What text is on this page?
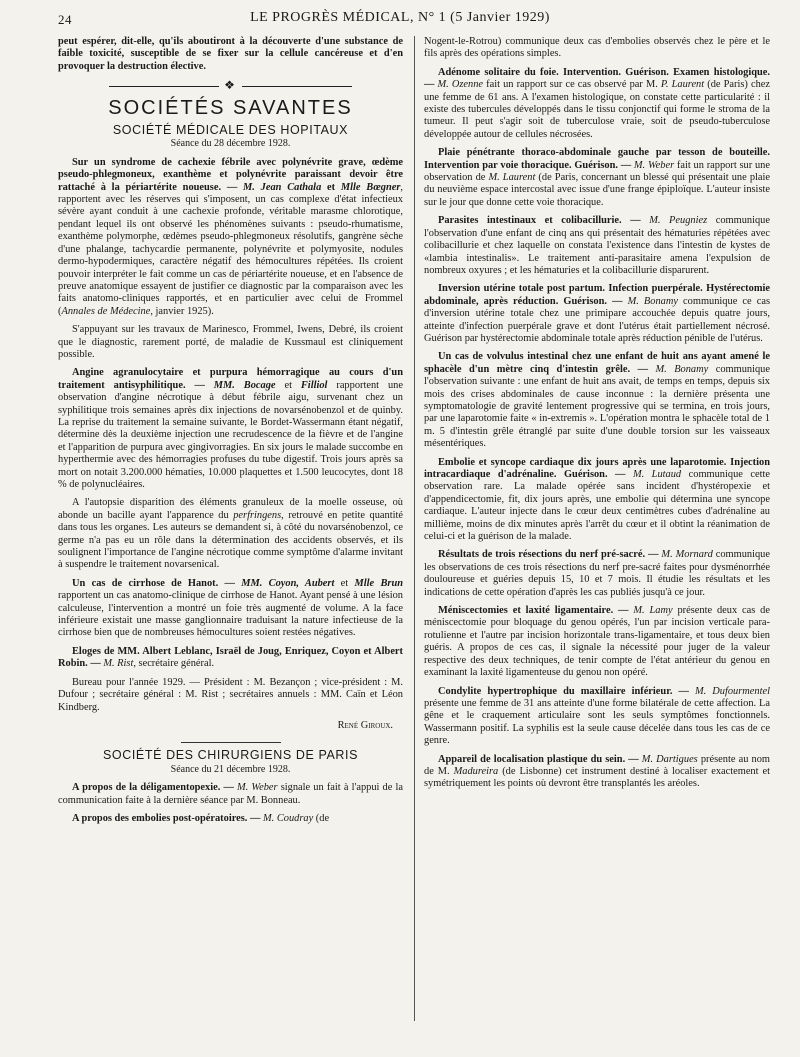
24	LE PROGRÈS MÉDICAL, N° 1 (5 Janvier 1929)

peut espérer, dit-elle, qu'ils aboutiront à la découverte d'une substance de faible toxicité, susceptible de se fixer sur la cellule cancéreuse et d'en provoquer la destruction élective.

❖
SOCIÉTÉS SAVANTES
SOCIÉTÉ MÉDICALE DES HOPITAUX
Séance du 28 décembre 1928.

Sur un syndrome de cachexie fébrile avec polynévrite grave, œdème pseudo-phlegmoneux, exanthème et polynévrite paraissant devoir être rattaché à la périartérite noueuse. — M. Jean Cathala et Mlle Bœgner, rapportent avec les réserves qui s'imposent, un cas complexe d'état infectieux sévère ayant conduit à une cachexie profonde, véritable marasme chlorotique, pendant lequel ils ont observé les phénomènes suivants : pseudo-rhumatisme, exanthème polymorphe, œdèmes pseudo-phlegmoneux résolutifs, gangrène sèche d'une phalange, tachycardie permanente, polynévrite et polymyosite, nodules dermo-hypodermiques, caractère négatif des hémocultures répétées. Ils croient pouvoir interpréter le fait comme un cas de périartérite noueuse, et en l'absence de preuve anatomique essayent de justifier ce diagnostic par la comparaison avec les faits anatomo-cliniques rapportés, et en particulier avec celui de Frommel (Annales de Médecine, janvier 1925).

S'appuyant sur les travaux de Marinesco, Frommel, Iwens, Debré, ils croient que le diagnostic, rarement porté, de maladie de Kussmaul est cliniquement possible.

Angine agranulocytaire et purpura hémorragique au cours d'un traitement antisyphilitique. — MM. Bocage et Filliol rapportent une observation d'angine nécrotique à début fébrile aigu, survenant chez un syphilitique trois semaines après dix injections de novarsénobenzol et de quinby. La reprise du traitement la semaine suivante, le Bordet-Wassermann étant négatif, détermine dès la deuxième injection une recrudescence de la fièvre et de l'angine et l'apparition de purpura avec gingivorragies. En six jours le malade succombe en hyperthermie avec des hémorragies profuses du tube digestif. Trois jours après sa mort on notait 3.200.000 hématies, 10.000 plaquettes et 1.500 leucocytes, dont 18 % de polynucléaires.

A l'autopsie disparition des éléments granuleux de la moelle osseuse, où abonde un bacille ayant l'apparence du perfringens, retrouvé en petite quantité dans tous les organes. Les auteurs se demandent si, à côté du novarsénobenzol, ce germe n'a pas eu un rôle dans la détermination des accidents observés, et ils soulignent l'importance de l'angine nécrotique comme symptôme d'alarme invitant à suspendre le traitement novarsenical.

Un cas de cirrhose de Hanot. — MM. Coyon, Aubert et Mlle Brun rapportent un cas anatomo-clinique de cirrhose de Hanot. Ayant pensé à une lésion calculeuse, l'intervention a montré un foie très augmenté de volume. A la face inférieure existait une masse ganglionnaire traduisant la nature infectieuse de la cirrhose bien que de nombreuses hémocultures soient restées négatives.

Eloges de MM. Albert Leblanc, Israël de Joug, Enriquez, Coyon et Albert Robin. — M. Rist, secrétaire général.

Bureau pour l'année 1929. — Président : M. Bezançon ; vice-président : M. Dufour ; secrétaire général : M. Rist ; secrétaires annuels : MM. Caïn et Léon Kindberg.

René Giroux.
SOCIÉTÉ DES CHIRURGIENS DE PARIS
Séance du 21 décembre 1928.

A propos de la déligamentopexie. — M. Weber signale un fait à l'appui de la communication faite à la dernière séance par M. Bonneau.

A propos des embolies post-opératoires. — M. Coudray (de

Nogent-le-Rotrou) communique deux cas d'embolies observés chez le père et le fils après des opérations simples.

Adénome solitaire du foie. Intervention. Guérison. Examen histologique. — M. Ozenne fait un rapport sur ce cas observé par M. P. Laurent (de Paris) chez une femme de 61 ans. A l'examen histologique, on constate cette particularité : il existe des tubercules développés dans le tissu conjonctif qui forme le stroma de la tumeur. Il peut s'agir soit de tuberculose vraie, soit de pseudo-tuberculose développée autour de cellules nécrosées.

Plaie pénétrante thoraco-abdominale gauche par tesson de bouteille. Intervention par voie thoracique. Guérison. — M. Weber fait un rapport sur une observation de M. Laurent (de Paris, concernant un blessé qui présentait une plaie du neuvième espace intercostal avec issue d'une frange épiploïque. L'auteur insiste sur le jour que donne cette voie thoracique.

Parasites intestinaux et colibacillurie. — M. Peugniez communique l'observation d'une enfant de cinq ans qui présentait des hématuries répétées avec colibacillurie et chez laquelle on constata l'existence dans l'intestin de kystes de «lambia intestinalis». Le traitement anti-parasitaire amena l'expulsion de nombreux oxyures ; et les hématuries et la colibacillurie disparurent.

Inversion utérine totale post partum. Infection puerpérale. Hystérectomie abdominale, après réduction. Guérison. — M. Bonamy communique ce cas d'inversion utérine totale chez une primipare accouchée depuis quatre jours, atteinte d'infection puerpérale grave et dont l'utérus était partiellement nécrosé. Guérison par hystérectomie abdominale totale après réduction pénible de l'utérus.

Un cas de volvulus intestinal chez une enfant de huit ans ayant amené le sphacèle d'un mètre cinq d'intestin grêle. — M. Bonamy communique l'observation suivante : une enfant de huit ans avait, de temps en temps, depuis six mois des crises abdominales de cause inconnue : la dernière présenta une symptomatologie de gravité lentement progressive qui se termina, en trois jours, par une laparotomie faite « in-extremis ». L'opération montra le sphacèle total de 1 m. 5 d'intestin grêle étranglé par suite d'une double torsion sur les vaisseaux mésentériques.

Embolie et syncope cardiaque dix jours après une laparotomie. Injection intracardiaque d'adrénaline. Guérison. — M. Lutaud communique cette observation rare. La malade opérée sans incident d'hystéropexie et d'appendicectomie, fit, dix jours après, une embolie qui détermina une syncope cardiaque. L'auteur injecte dans le cœur deux centimètres cubes d'adrénaline au millième, moins de dix minutes après l'arrêt du cœur et il obtint la réanimation de celui-ci et la guérison de la malade.

Résultats de trois résections du nerf pré-sacré. — M. Mornard communique les observations de ces trois résections du nerf pre-sacré faites pour dysménorrhée douloureuse et guéries depuis 15, 10 et 7 mois. Il étudie les résultats et les indications de cette opération d'après les cas publiés jusqu'à ce jour.

Méniscectomies et laxité ligamentaire. — M. Lamy présente deux cas de méniscectomie pour bloquage du genou opérés, l'un par incision verticale para-rotulienne et l'autre par incision horizontale trans-ligamentaire, et tous deux bien guéris. A propos de ces cas, il signale la nécessité pour juger de la valeur respective des deux techniques, de tenir compte de l'état antérieur du genou en examinant la laxité ligamenteuse du genou non opéré.

Condylite hypertrophique du maxillaire inférieur. — M. Dufourmentel présente une femme de 31 ans atteinte d'une forme bilatérale de cette affection. La gêne et le craquement articulaire sont les seuls symptômes fonctionnels. Wassermann positif. La syphilis est la seule cause décelée dans tous les cas de ce genre.

Appareil de localisation plastique du sein. — M. Dartigues présente au nom de M. Madureira (de Lisbonne) cet instrument destiné à localiser exactement et symétriquement les points où devront être transplantés les aréoles.
